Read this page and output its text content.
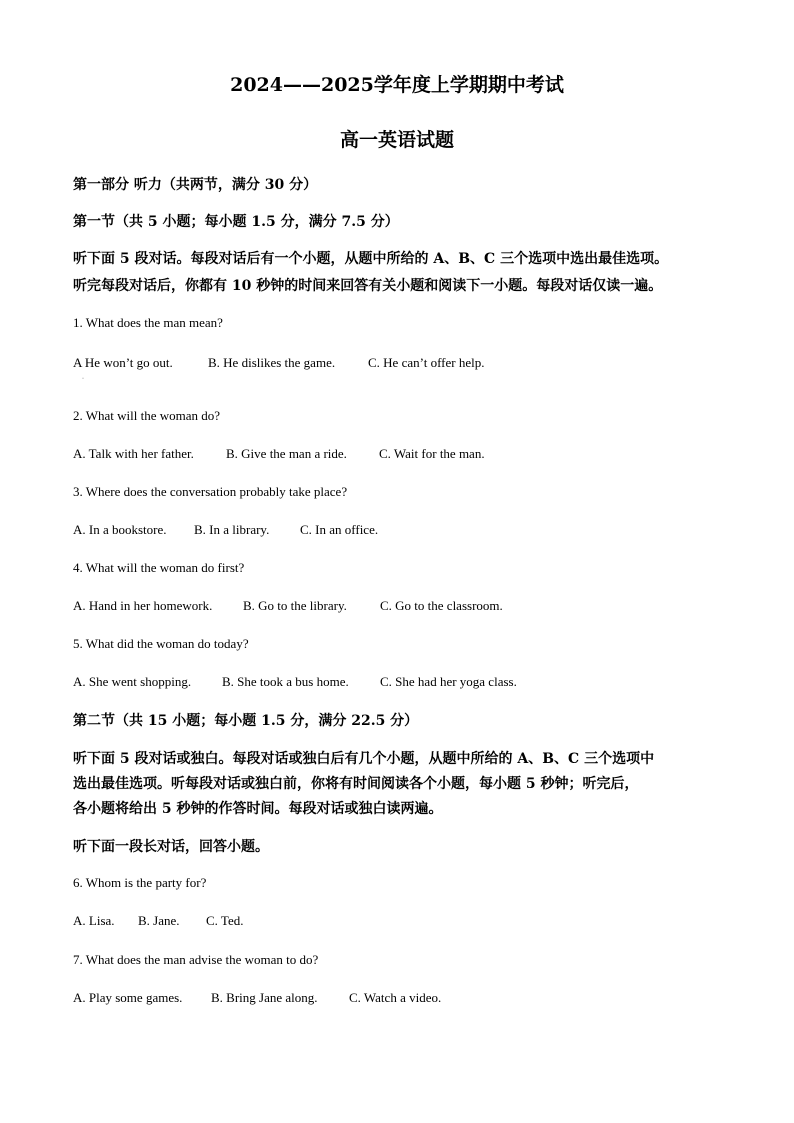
2024——2025学年度上学期期中考试
高一英语试题
第一部分 听力（共两节，满分 30 分）
第一节（共 5 小题；每小题 1.5 分，满分 7.5 分）
听下面 5 段对话。每段对话后有一个小题，从题中所给的 A、B、C 三个选项中选出最佳选项。
听完每段对话后，你都有 10 秒钟的时间来回答有关小题和阅读下一小题。每段对话仅读一遍。
1. What does the man mean?
A He won’t go out.	B. He dislikes the game.	C. He can’t offer help.
·
2. What will the woman do?
A. Talk with her father. B. Give the man a ride. C. Wait for the man.
3. Where does the conversation probably take place?
A. In a bookstore. B. In a library. C. In an office.
4. What will the woman do first?
A. Hand in her homework. B. Go to the library.	C. Go to the classroom.
5. What did the woman do today?
A. She went shopping. B. She took a bus home. C. She had her yoga class.
第二节（共 15 小题；每小题 1.5 分，满分 22.5 分）
听下面 5 段对话或独白。每段对话或独白后有几个小题，从题中所给的 A、B、C 三个选项中
选出最佳选项。听每段对话或独白前，你将有时间阅读各个小题，每小题 5 秒钟；听完后，
各小题将给出 5 秒钟的作答时间。每段对话或独白读两遍。
听下面一段长对话，回答小题。
6. Whom is the party for?
A. Lisa. B. Jane. C. Ted.
7. What does the man advise the woman to do?
A. Play some games. B. Bring Jane along. C. Watch a video.
